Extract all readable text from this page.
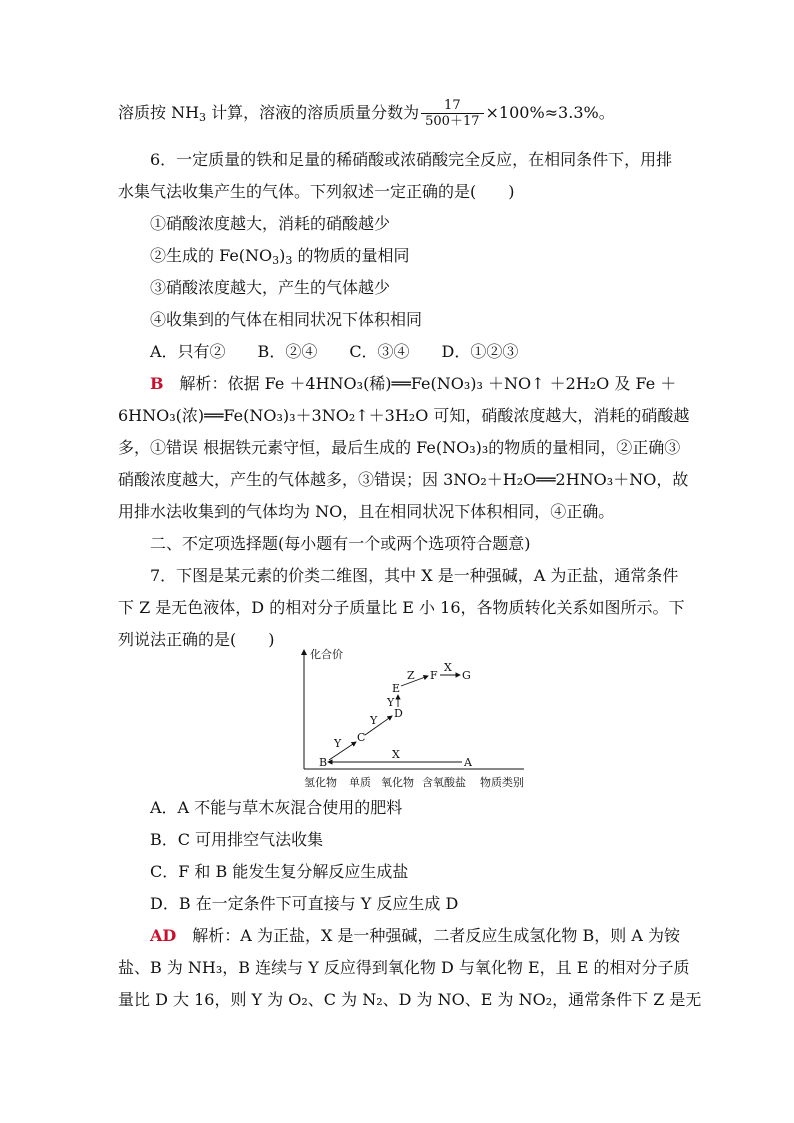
溶质按 $NH_3$ 计算，溶液的溶质质量分数为 $\frac{17}{500+17} \times 100\%\approx 3.3\%$。
6．一定质量的铁和足量的稀硝酸或浓硝酸完全反应，在相同条件下，用排
水集气法收集产生的气体。下列叙述一定正确的是(　　)
①硝酸浓度越大，消耗的硝酸越少
②生成的 $Fe(NO_3)_3$ 的物质的量相同
③硝酸浓度越大，产生的气体越少
④收集到的气体在相同状况下体积相同
A．只有②　　B．②④　　C．③④　　D．①②③
B　解析：依据 Fe ＋4HNO₃(稀)══Fe(NO₃)₃ ＋NO↑ ＋2H₂O 及 Fe ＋
6HNO₃(浓)══Fe(NO₃)₃＋3NO₂↑＋3H₂O 可知，硝酸浓度越大，消耗的硝酸越
多，①错误 根据铁元素守恒，最后生成的 Fe(NO₃)₃的物质的量相同，②正确③
硝酸浓度越大，产生的气体越多，③错误；因 3NO₂＋H₂O══2HNO₃＋NO，故
用排水法收集到的气体均为 NO，且在相同状况下体积相同，④正确。
二、不定项选择题(每小题有一个或两个选项符合题意)
7．下图是某元素的价类二维图，其中 X 是一种强碱，A 为正盐，通常条件
下 Z 是无色液体，D 的相对分子质量比 E 小 16，各物质转化关系如图所示。下
列说法正确的是(　　)
化合价
氢化物 单质 氧化物 含氧酸盐 物质类别
B
C
D
E
F G
A
Y
Y
Y
Z
X
X
A．A 不能与草木灰混合使用的肥料
B．C 可用排空气法收集
C．F 和 B 能发生复分解反应生成盐
D．B 在一定条件下可直接与 Y 反应生成 D
AD　解析：A 为正盐，X 是一种强碱，二者反应生成氢化物 B，则 A 为铵
盐、B 为 NH₃，B 连续与 Y 反应得到氧化物 D 与氧化物 E，且 E 的相对分子质
量比 D 大 16，则 Y 为 O₂、C 为 N₂、D 为 NO、E 为 NO₂，通常条件下 Z 是无
